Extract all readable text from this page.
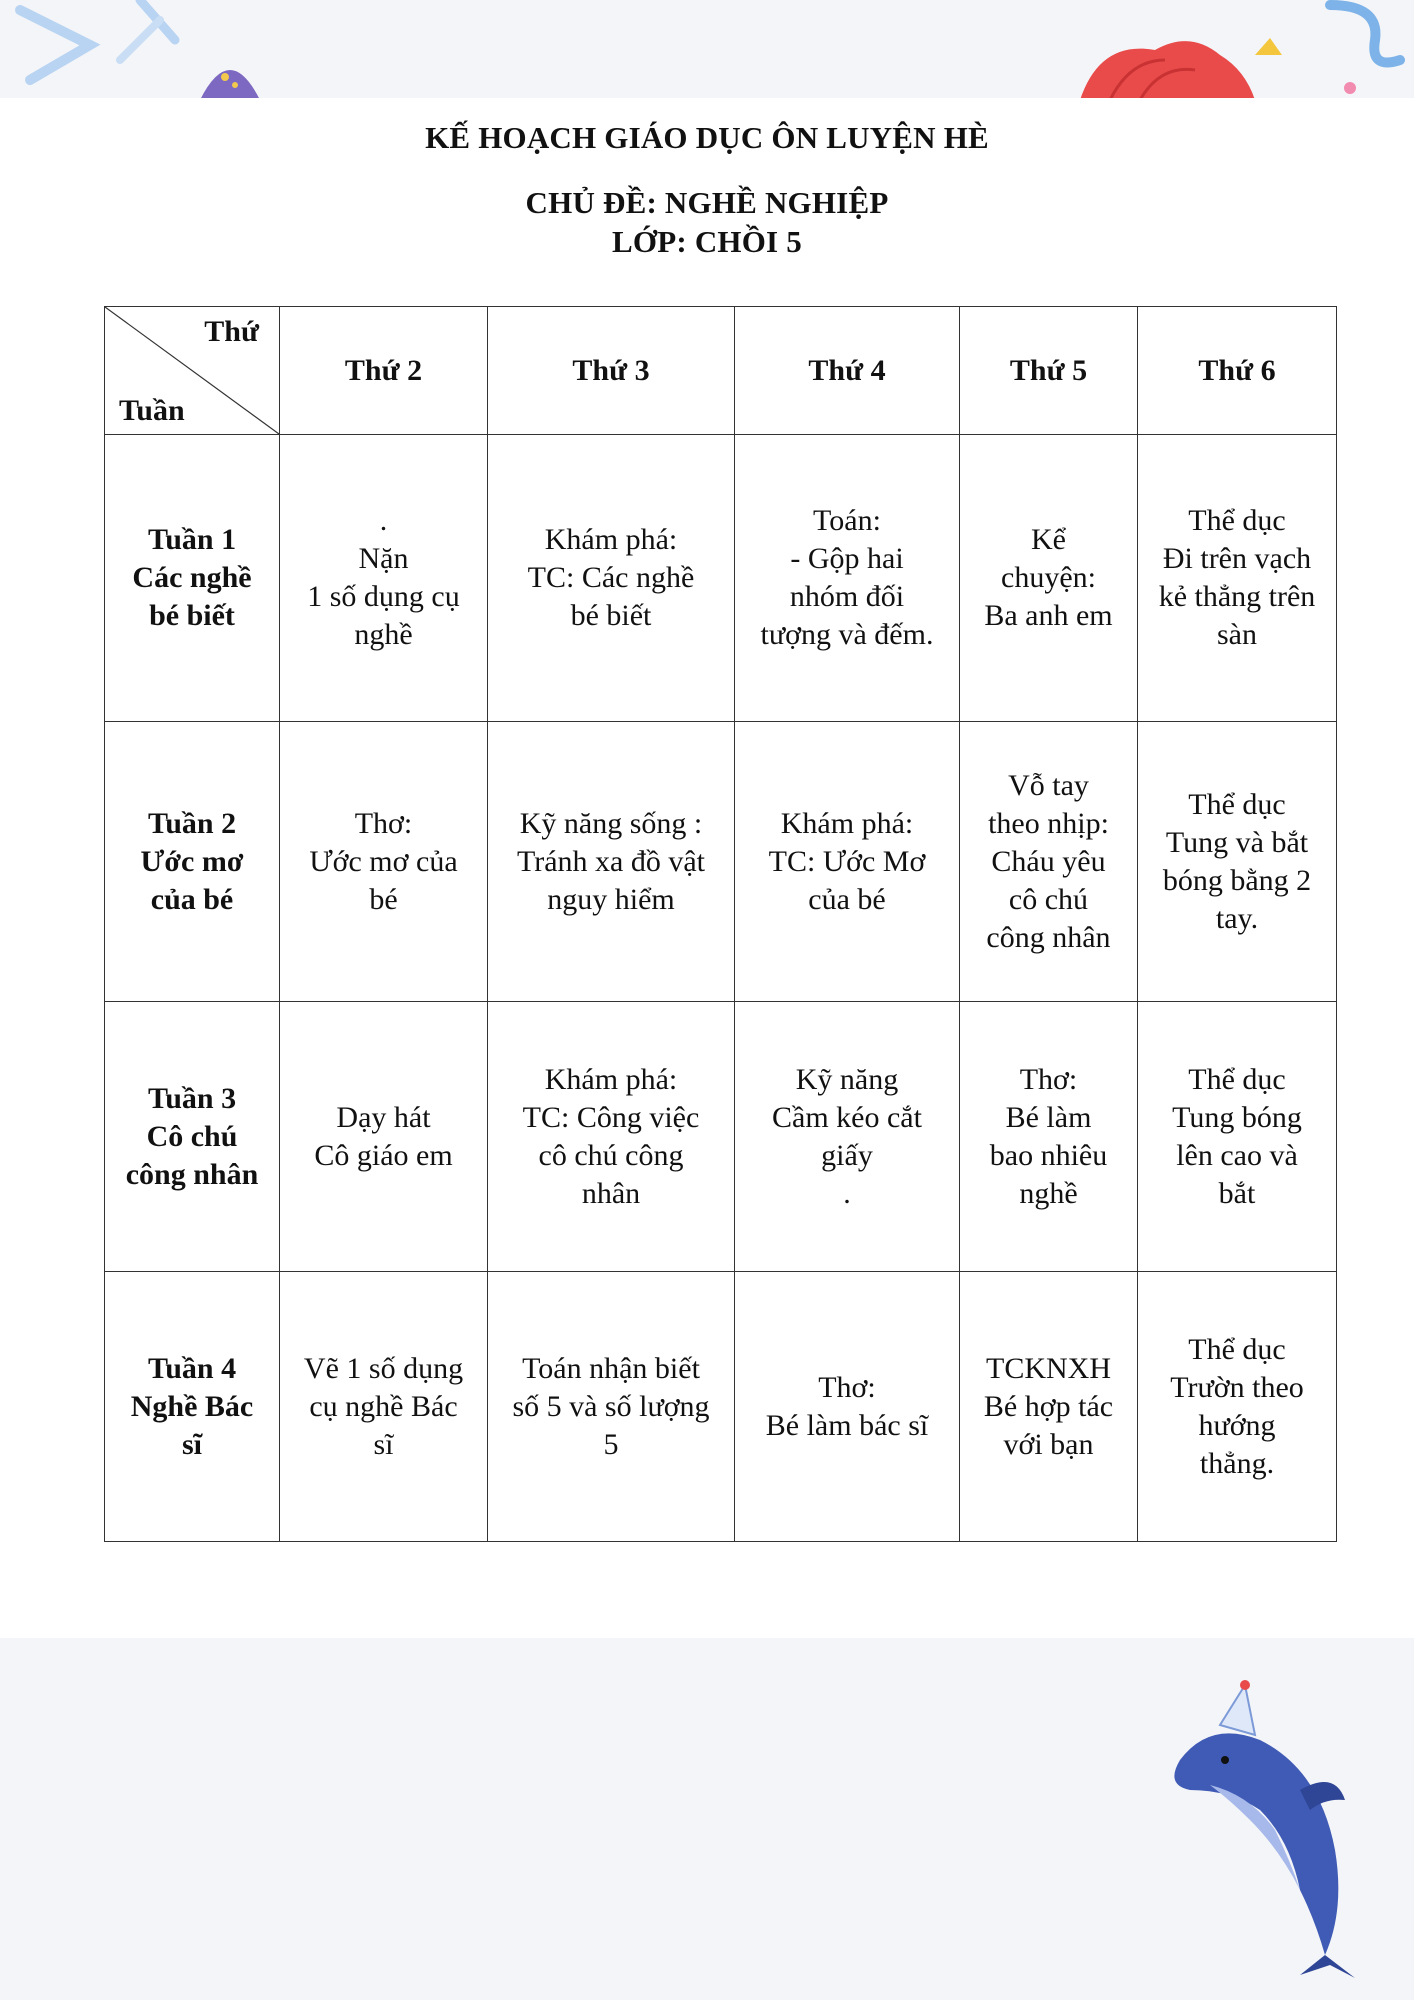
KẾ HOẠCH GIÁO DỤC ÔN LUYỆN HÈ
CHỦ ĐỀ: NGHỀ NGHIỆP
LỚP: CHỒI 5
Thứ
Tuần	Thứ 2	Thứ 3	Thứ 4	Thứ 5	Thứ 6

Tuần 1
Các nghề
bé biết	.
Nặn
1 số dụng cụ
nghề	Khám phá:
TC: Các nghề
bé biết	Toán:
- Gộp hai
nhóm đối
tượng và đếm.	Kể
chuyện:
Ba anh em	Thể dục
Đi trên vạch
kẻ thẳng trên
sàn

Tuần 2
Ước mơ
của bé	Thơ:
Ước mơ của
bé	Kỹ năng sống :
Tránh xa đồ vật
nguy hiểm	Khám phá:
TC: Ước Mơ
của bé	Vỗ tay
theo nhịp:
Cháu yêu
cô chú
công nhân	Thể dục
Tung và bắt
bóng bằng 2
tay.

Tuần 3
Cô chú
công nhân	Dạy hát
Cô giáo em	Khám phá:
TC: Công việc
cô chú công
nhân	Kỹ năng
Cầm kéo cắt
giấy
.	Thơ:
Bé làm
bao nhiêu
nghề	Thể dục
Tung bóng
lên cao và
bắt

Tuần 4
Nghề Bác
sĩ	Vẽ 1 số dụng
cụ nghề Bác
sĩ	Toán nhận biết
số 5 và số lượng
5	Thơ:
Bé làm bác sĩ	TCKNXH
Bé hợp tác
với bạn	Thể dục
Trườn theo
hướng
thẳng.
